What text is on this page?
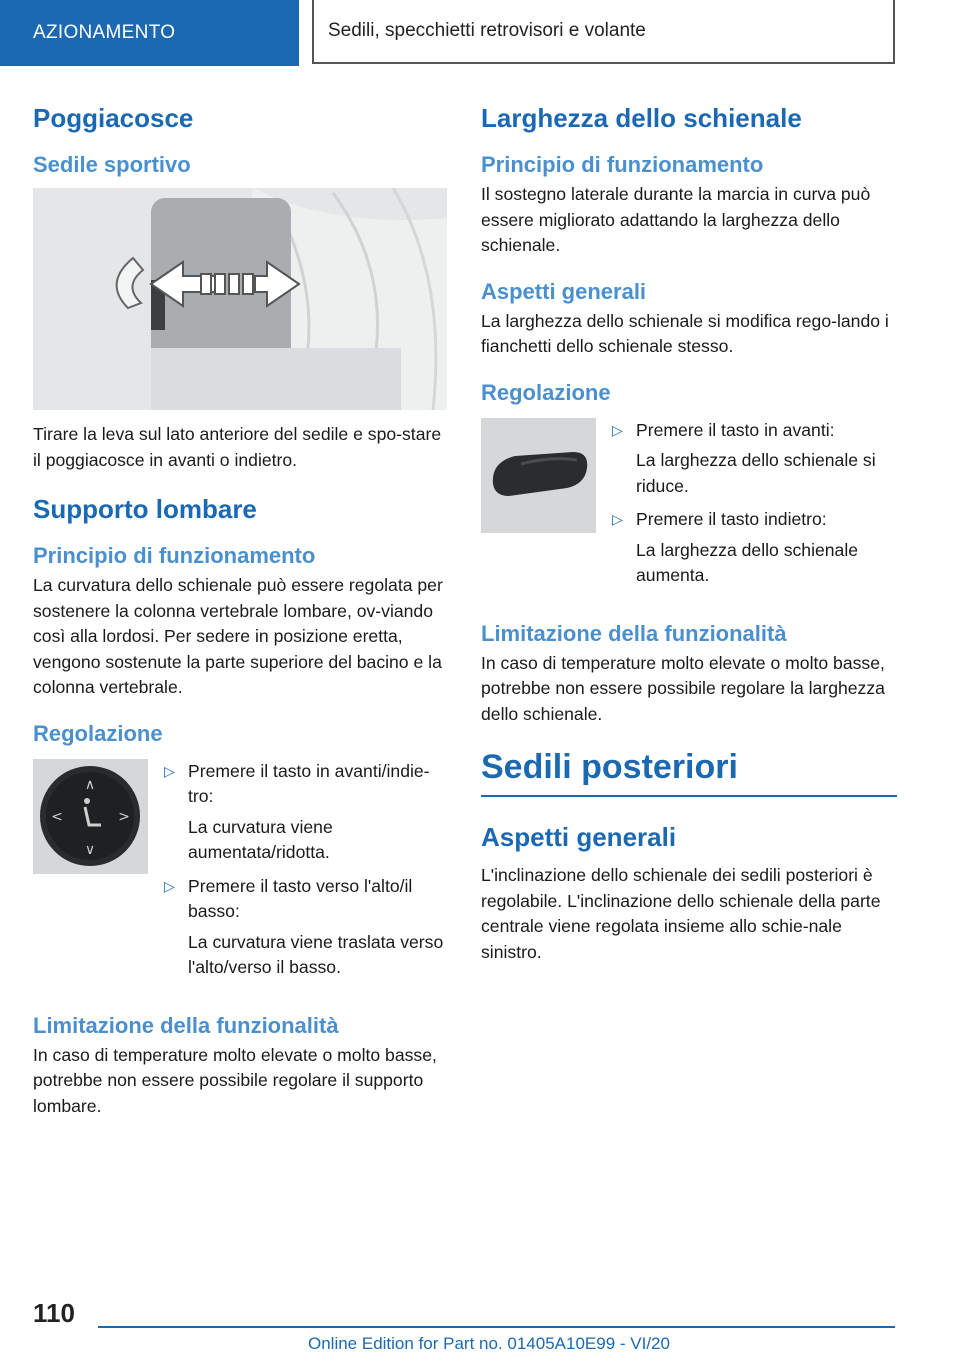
AZIONAMENTO	Sedili, specchietti retrovisori e volante
Poggiacosce
Sedile sportivo

Tirare la leva sul lato anteriore del sedile e spo-stare il poggiacosce in avanti o indietro.

Supporto lombare
Principio di funzionamento

La curvatura dello schienale può essere regolata per sostenere la colonna vertebrale lombare, ov-viando così alla lordosi. Per sedere in posizione eretta, vengono sostenute la parte superiore del bacino e la colonna vertebrale.

Regolazione
∧
∨
<	>
▷ Premere il tasto in avanti/indie-tro:

La curvatura viene aumentata/ridotta.

▷ Premere il tasto verso l'alto/il basso:

La curvatura viene traslata verso l'alto/verso il basso.

Limitazione della funzionalità

In caso di temperature molto elevate o molto basse, potrebbe non essere possibile regolare il supporto lombare.

Larghezza dello schienale
Principio di funzionamento

Il sostegno laterale durante la marcia in curva può essere migliorato adattando la larghezza dello schienale.

Aspetti generali

La larghezza dello schienale si modifica rego-lando i fianchetti dello schienale stesso.

Regolazione
▷ Premere il tasto in avanti:

La larghezza dello schienale si riduce.

▷ Premere il tasto indietro:

La larghezza dello schienale aumenta.

Limitazione della funzionalità

In caso di temperature molto elevate o molto basse, potrebbe non essere possibile regolare la larghezza dello schienale.

Sedili posteriori
Aspetti generali

L'inclinazione dello schienale dei sedili posteriori è regolabile. L'inclinazione dello schienale della parte centrale viene regolata insieme allo schie-nale sinistro.

110
Online Edition for Part no. 01405A10E99 - VI/20
